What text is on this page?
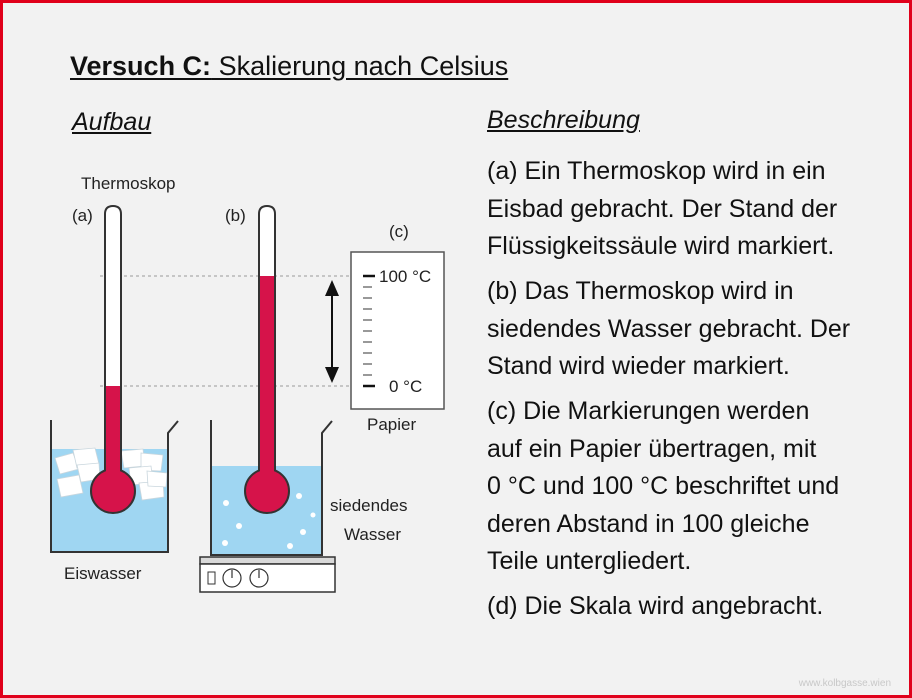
Versuch C: Skalierung nach Celsius
Aufbau	Beschreibung

(a) Ein Thermoskop wird in ein
Eisbad gebracht. Der Stand der
Flüssigkeitssäule wird markiert.

(b) Das Thermoskop wird in
siedendes Wasser gebracht. Der
Stand wird wieder markiert.

(c) Die Markierungen werden
auf ein Papier übertragen, mit
0 °C und 100 °C beschriftet und
deren Abstand in 100 gleiche
Teile untergliedert.

(d) Die Skala wird angebracht.

Thermoskop
(a)	(b)
(c)
100 °C
0 °C
Papier
siedendes
Wasser
Eiswasser
www.kolbgasse.wien
